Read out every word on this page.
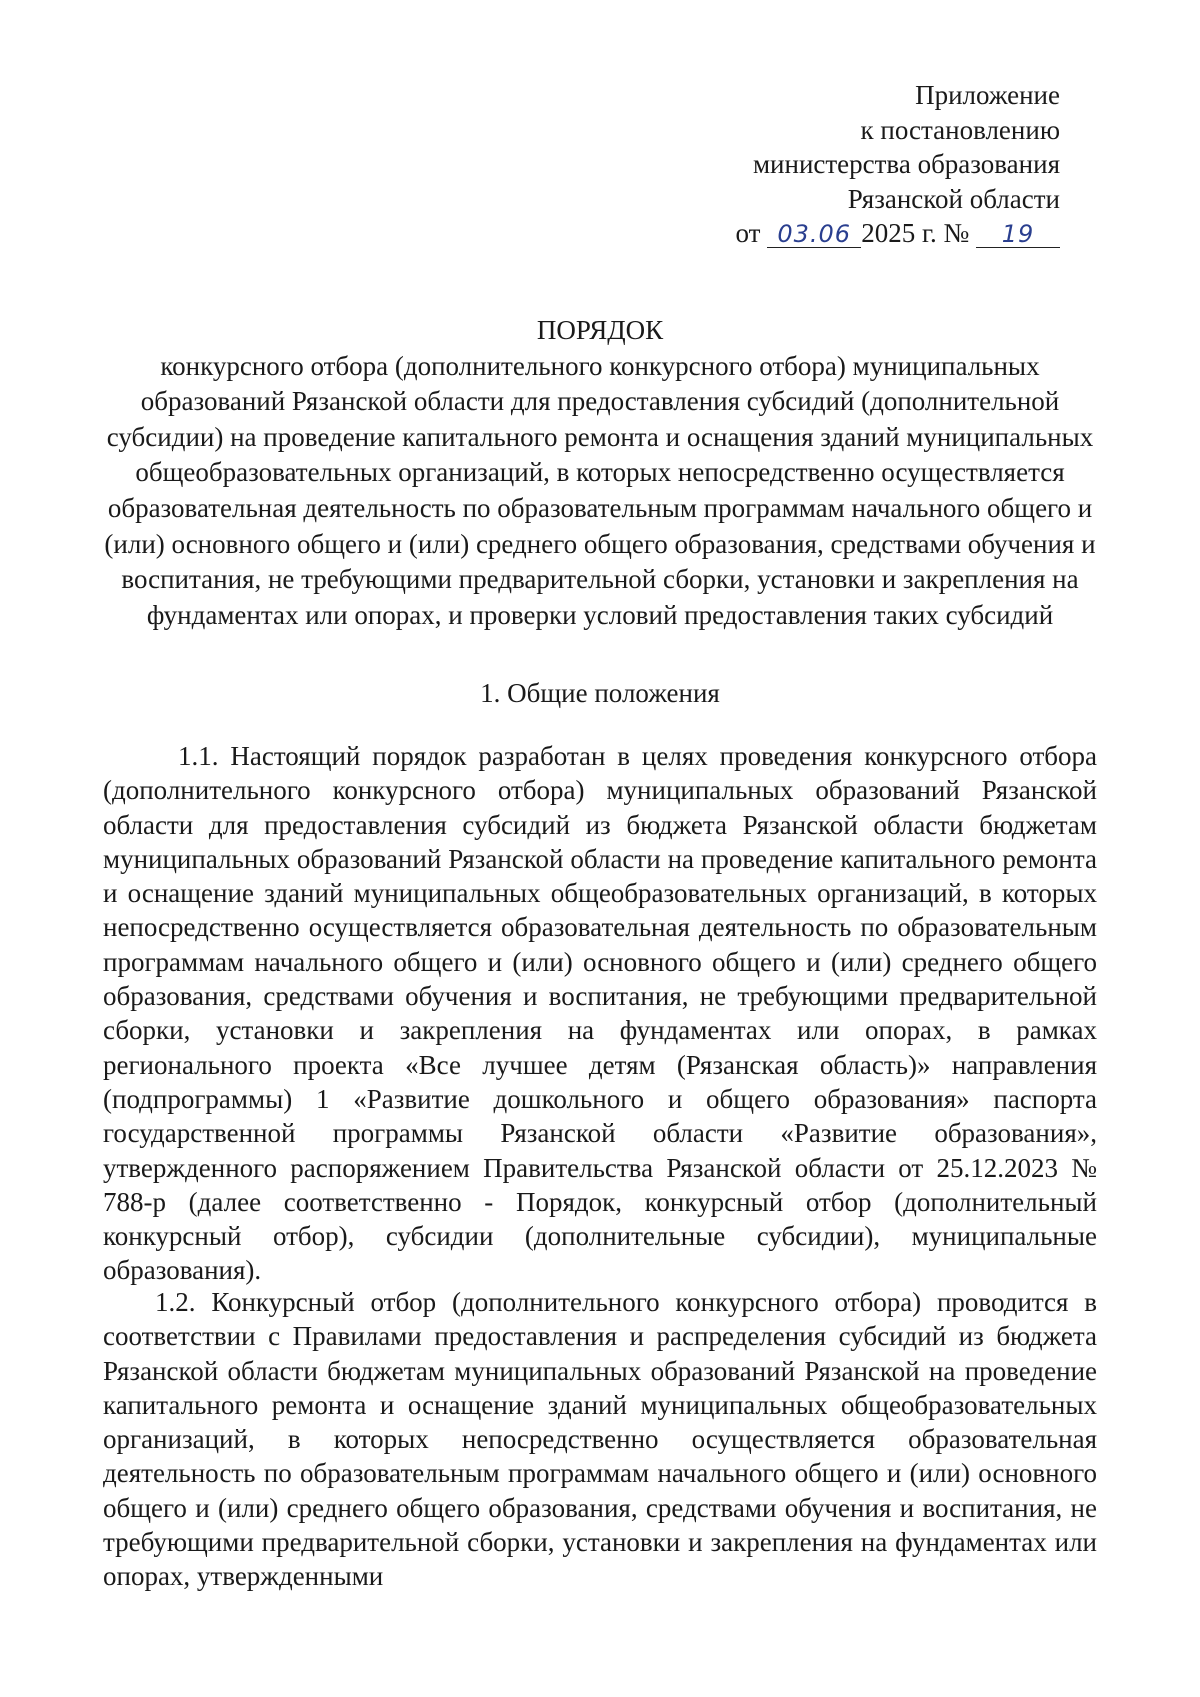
Приложение
к постановлению
министерства образования
Рязанской области
от 03.06 2025 г. № 19
ПОРЯДОК
конкурсного отбора (дополнительного конкурсного отбора) муниципальных образований Рязанской области для предоставления субсидий (дополнительной субсидии) на проведение капитального ремонта и оснащения зданий муниципальных общеобразовательных организаций, в которых непосредственно осуществляется образовательная деятельность по образовательным программам начального общего и (или) основного общего и (или) среднего общего образования, средствами обучения и воспитания, не требующими предварительной сборки, установки и закрепления на фундаментах или опорах, и проверки условий предоставления таких субсидий
1. Общие положения

1.1. Настоящий порядок разработан в целях проведения конкурсного отбора (дополнительного конкурсного отбора) муниципальных образований Рязанской области для предоставления субсидий из бюджета Рязанской области бюджетам муниципальных образований Рязанской области на проведение капитального ремонта и оснащение зданий муниципальных общеобразовательных организаций, в которых непосредственно осуществляется образовательная деятельность по образовательным программам начального общего и (или) основного общего и (или) среднего общего образования, средствами обучения и воспитания, не требующими предварительной сборки, установки и закрепления на фундаментах или опорах, в рамках регионального проекта «Все лучшее детям (Рязанская область)» направления (подпрограммы) 1 «Развитие дошкольного и общего образования» паспорта государственной программы Рязанской области «Развитие образования», утвержденного распоряжением Правительства Рязанской области от 25.12.2023 № 788-р (далее соответственно - Порядок, конкурсный отбор (дополнительный конкурсный отбор), субсидии (дополнительные субсидии), муниципальные образования).

1.2. Конкурсный отбор (дополнительного конкурсного отбора) проводится в соответствии с Правилами предоставления и распределения субсидий из бюджета Рязанской области бюджетам муниципальных образований Рязанской на проведение капитального ремонта и оснащение зданий муниципальных общеобразовательных организаций, в которых непосредственно осуществляется образовательная деятельность по образовательным программам начального общего и (или) основного общего и (или) среднего общего образования, средствами обучения и воспитания, не требующими предварительной сборки, установки и закрепления на фундаментах или опорах, утвержденными
